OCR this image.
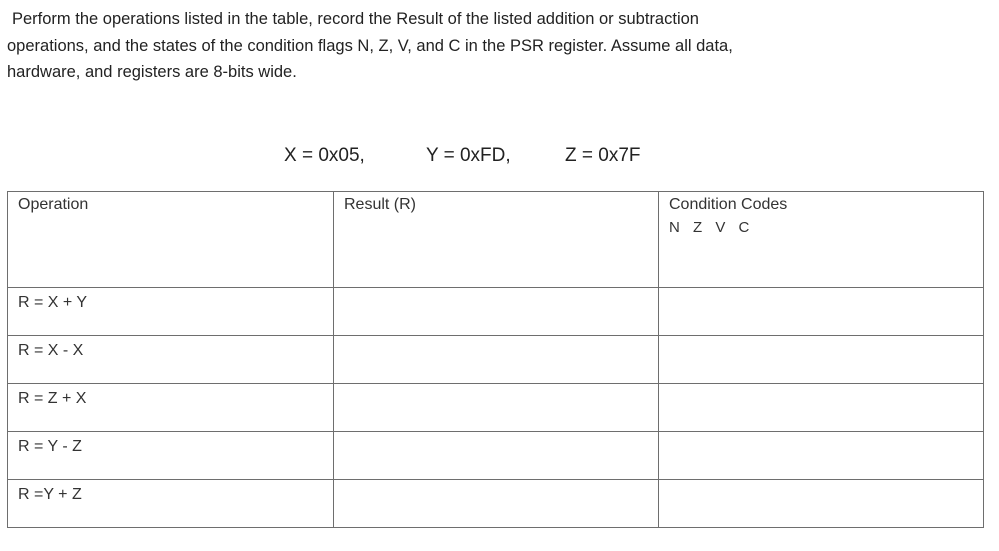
Perform the operations listed in the table, record the Result of the listed addition or subtraction
operations, and the states of the condition flags N, Z, V, and C in the PSR register. Assume all data,
hardware, and registers are 8-bits wide.
X = 0x05,	Y = 0xFD,	Z = 0x7F
Operation	Result (R)	Condition Codes
N Z V C

R = X + Y		
R = X - X		
R = Z + X		
R = Y - Z		
R =Y + Z		
